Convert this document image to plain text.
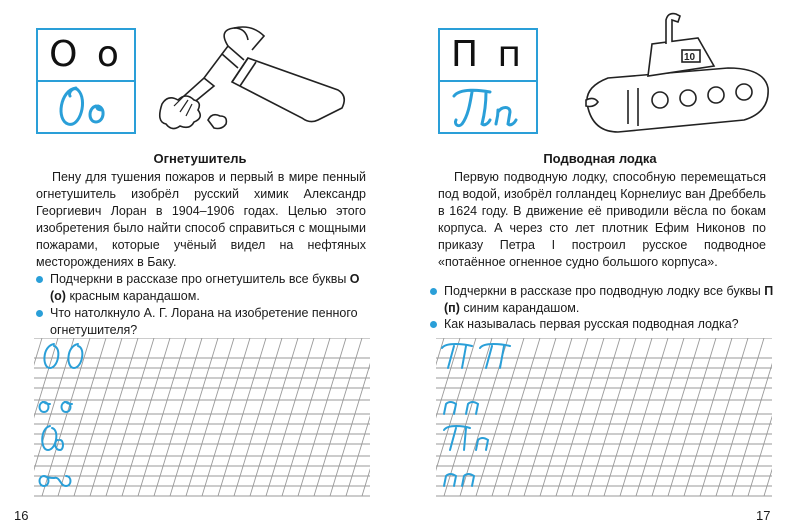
О о
Огнетушитель
Пену для тушения пожаров и первый в мире пенный огнетушитель изобрёл русский химик Александр Георгиевич Лоран в 1904–1906 годах. Целью этого изобретения было найти способ справиться с мощными пожарами, которые учёный видел на нефтяных месторождениях в Баку.
Подчеркни в рассказе про огнетушитель все буквы О (о) красным карандашом.
Что натолкнуло А. Г. Лорана на изобретение пенного огнетушителя?
16
П п	10
Подводная лодка
Первую подводную лодку, способную перемещаться под водой, изобрёл голландец Корнелиус ван Дреббель в 1624 году. В движение её приводили вёсла по бокам корпуса. А через сто лет плотник Ефим Никонов по приказу Петра I построил русское подводное «потаённое огненное судно большого корпуса».
Подчеркни в рассказе про подводную лодку все буквы П (п) синим карандашом.
Как называлась первая русская подводная лодка?
17
